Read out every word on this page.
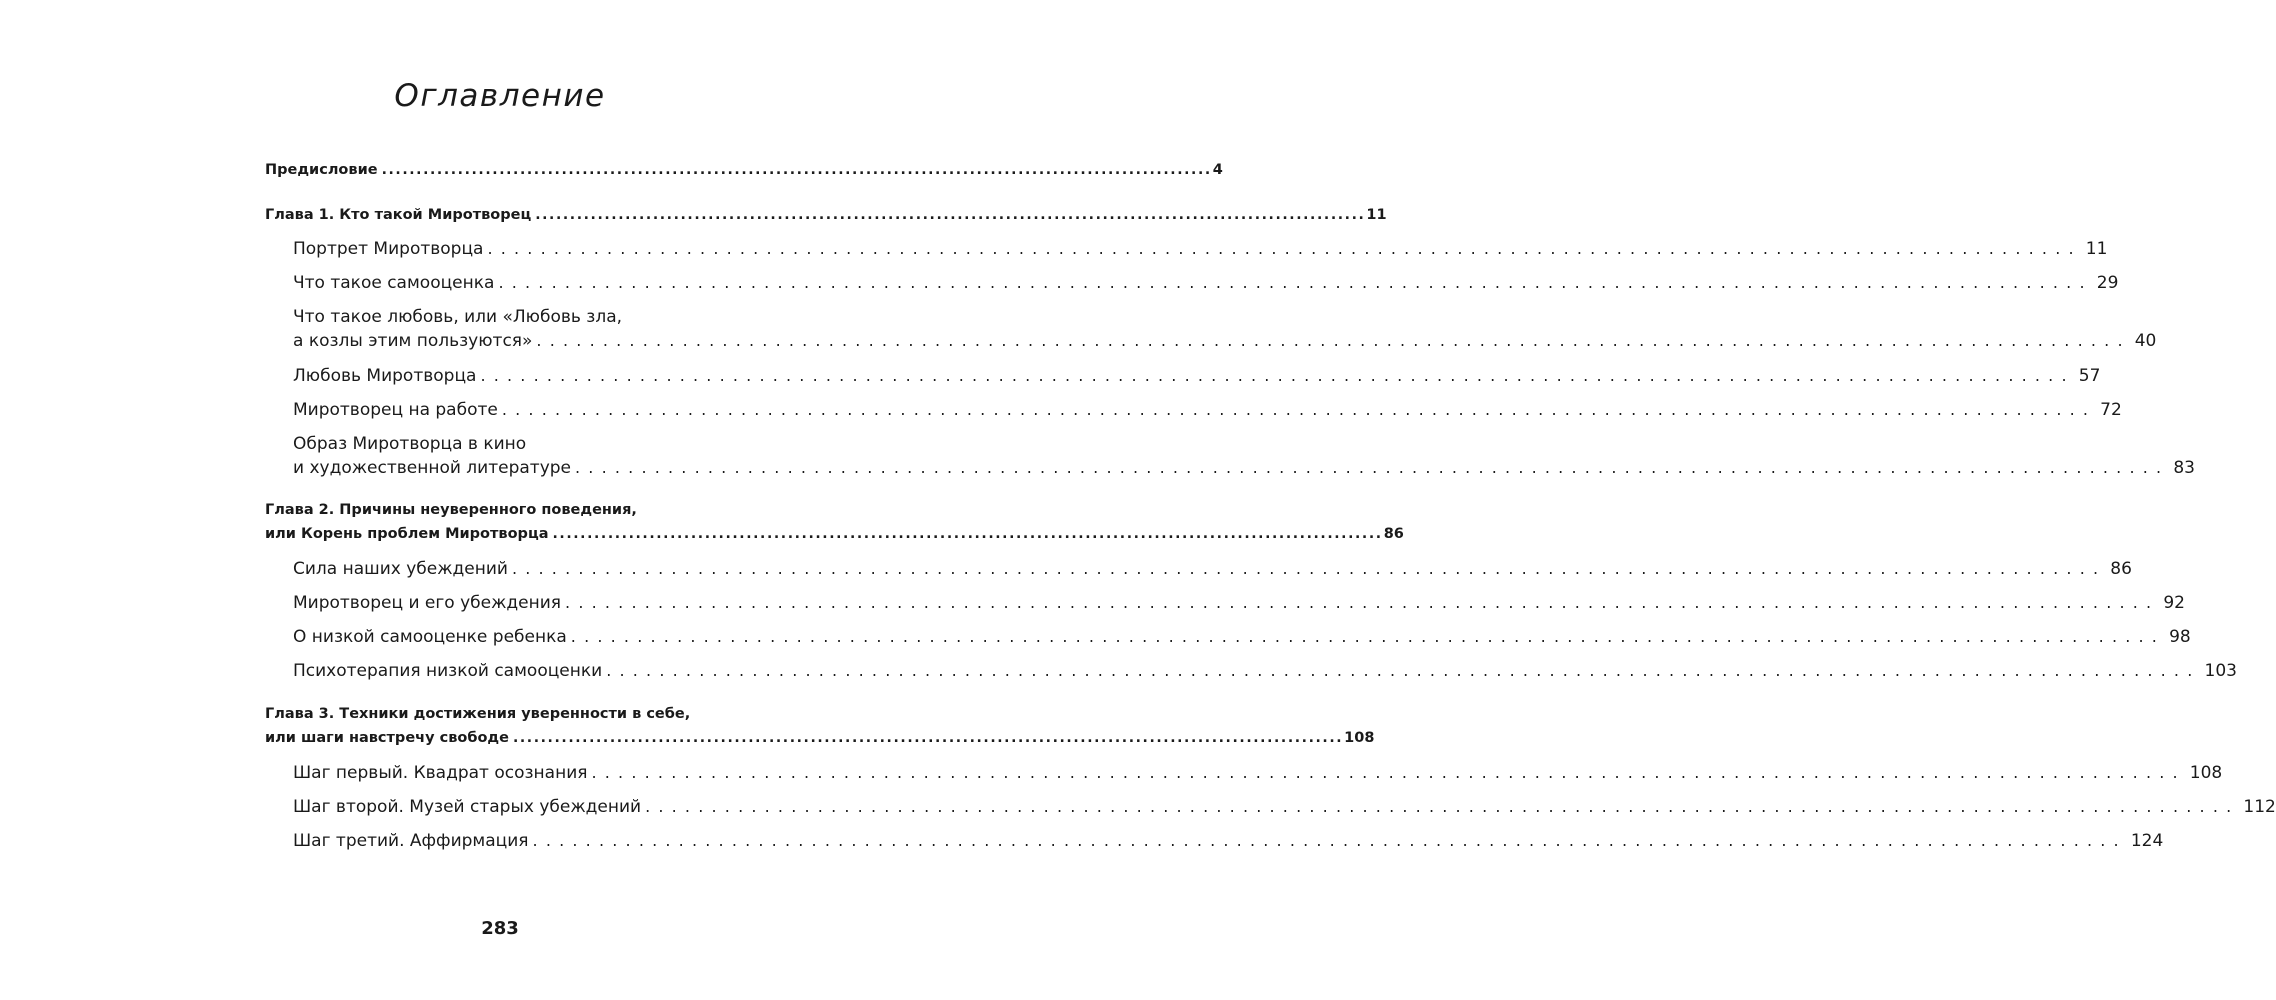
Оглавление
Предисловие ........................................................................................................................ 4
Глава 1. Кто такой Миротворец ........................................................................................................................ 11
Портрет Миротворца ........................................................................................................................ 11
Что такое самооценка ........................................................................................................................ 29
Что такое любовь, или «Любовь зла,
а козлы этим пользуются» ........................................................................................................................ 40
Любовь Миротворца ........................................................................................................................ 57
Миротворец на работе ........................................................................................................................ 72
Образ Миротворца в кино
и художественной литературе ........................................................................................................................ 83
Глава 2. Причины неуверенного поведения,
или Корень проблем Миротворца ........................................................................................................................ 86
Сила наших убеждений ........................................................................................................................ 86
Миротворец и его убеждения ........................................................................................................................ 92
О низкой самооценке ребенка ........................................................................................................................ 98
Психотерапия низкой самооценки ........................................................................................................................ 103
Глава 3. Техники достижения уверенности в себе,
или шаги навстречу свободе ........................................................................................................................ 108
Шаг первый. Квадрат осознания ........................................................................................................................ 108
Шаг второй. Музей старых убеждений ........................................................................................................................ 112
Шаг третий. Аффирмация ........................................................................................................................ 124
283
